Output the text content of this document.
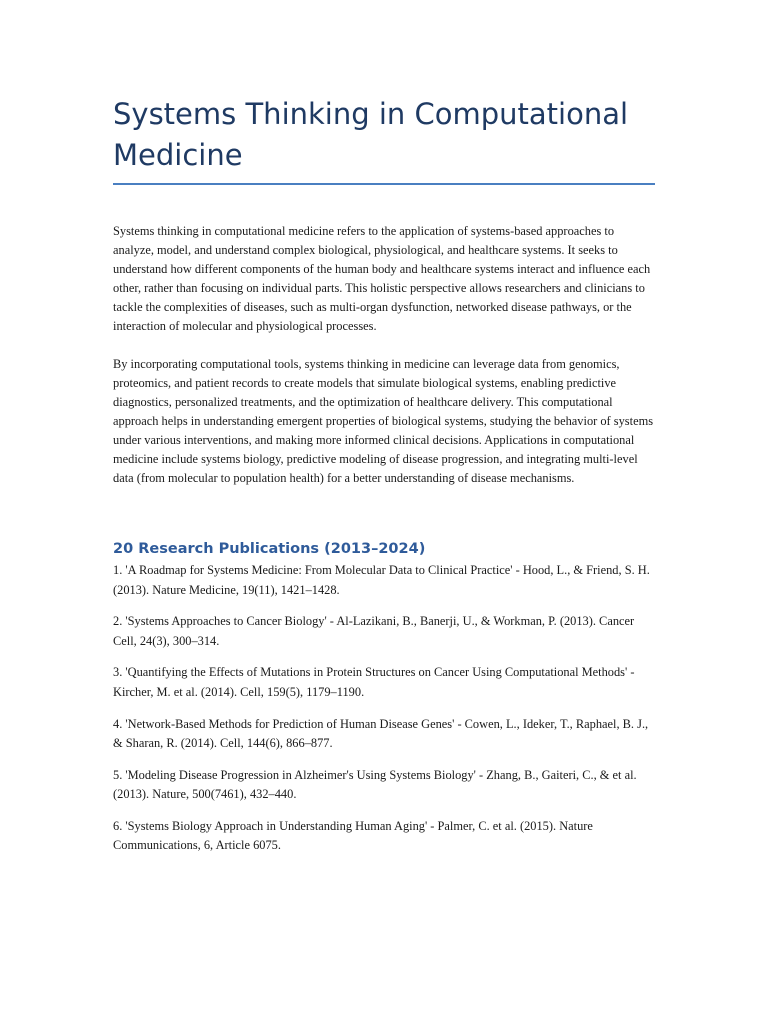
Systems Thinking in Computational Medicine

Systems thinking in computational medicine refers to the application of systems-based approaches to analyze, model, and understand complex biological, physiological, and healthcare systems. It seeks to understand how different components of the human body and healthcare systems interact and influence each other, rather than focusing on individual parts. This holistic perspective allows researchers and clinicians to tackle the complexities of diseases, such as multi-organ dysfunction, networked disease pathways, or the interaction of molecular and physiological processes.

By incorporating computational tools, systems thinking in medicine can leverage data from genomics, proteomics, and patient records to create models that simulate biological systems, enabling predictive diagnostics, personalized treatments, and the optimization of healthcare delivery. This computational approach helps in understanding emergent properties of biological systems, studying the behavior of systems under various interventions, and making more informed clinical decisions. Applications in computational medicine include systems biology, predictive modeling of disease progression, and integrating multi-level data (from molecular to population health) for a better understanding of disease mechanisms.

20 Research Publications (2013–2024)
1. 'A Roadmap for Systems Medicine: From Molecular Data to Clinical Practice' - Hood, L., & Friend, S. H. (2013). Nature Medicine, 19(11), 1421–1428.
2. 'Systems Approaches to Cancer Biology' - Al-Lazikani, B., Banerji, U., & Workman, P. (2013). Cancer Cell, 24(3), 300–314.
3. 'Quantifying the Effects of Mutations in Protein Structures on Cancer Using Computational Methods' - Kircher, M. et al. (2014). Cell, 159(5), 1179–1190.
4. 'Network-Based Methods for Prediction of Human Disease Genes' - Cowen, L., Ideker, T., Raphael, B. J., & Sharan, R. (2014). Cell, 144(6), 866–877.
5. 'Modeling Disease Progression in Alzheimer's Using Systems Biology' - Zhang, B., Gaiteri, C., & et al. (2013). Nature, 500(7461), 432–440.
6. 'Systems Biology Approach in Understanding Human Aging' - Palmer, C. et al. (2015). Nature Communications, 6, Article 6075.
